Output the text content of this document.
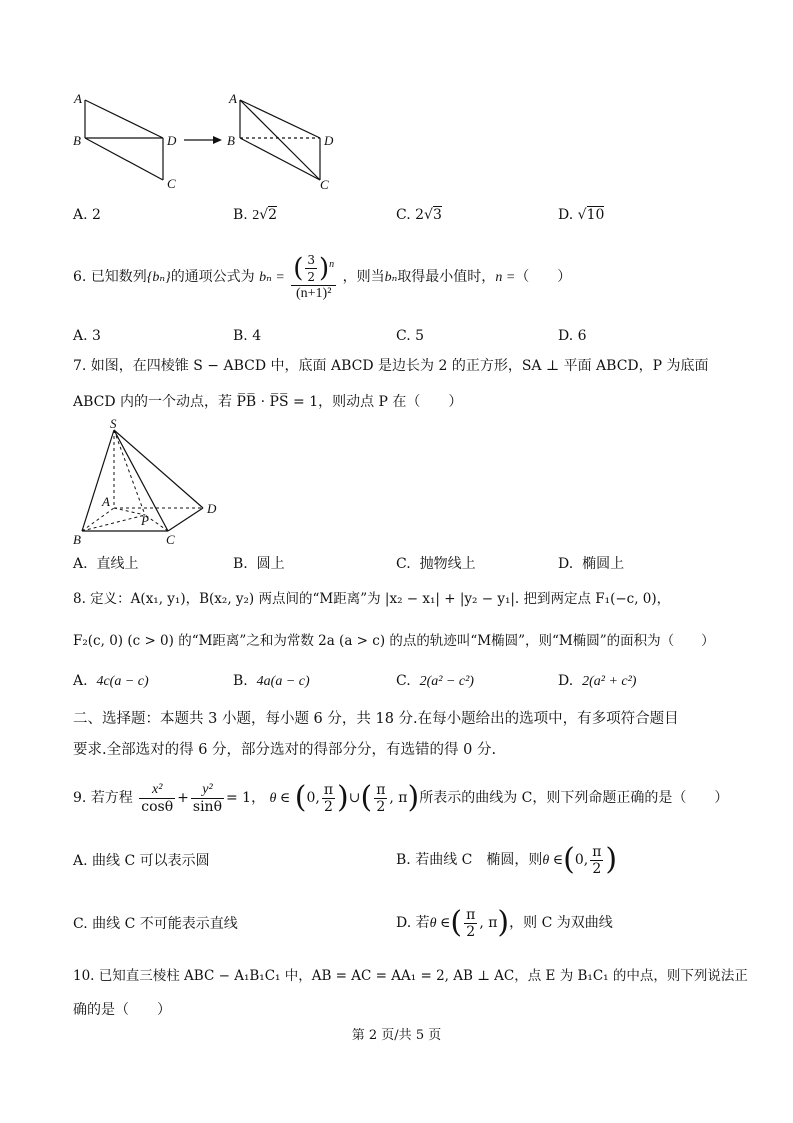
A
B	D
C
A
B	D
C
A. 2	B. 2√2	C. 2√3	D. √10
6. 已知数列{bₙ}的通项公式为 $b_n = \frac{( \frac{3}{2} )^n}{\text{(n+1)²}}$ ，则当bₙ取得最小值时，n =（　　）
A. 3	B. 4	C. 5	D. 6
7. 如图，在四棱锥 S − ABCD 中，底面 ABCD 是边长为 2 的正方形，SA ⊥ 平面 ABCD，P 为底面
ABCD 内的一个动点，若 P̅B̅ · P̅S̅ = 1，则动点 P 在（　　）
S
A
P
B	C
D
A. 直线上	B. 圆上	C. 抛物线上	D. 椭圆上
8. 定义：A(x₁, y₁)，B(x₂, y₂) 两点间的“M距离”为 |x₂ − x₁| + |y₂ − y₁|. 把到两定点 F₁(−c, 0)，
F₂(c, 0) (c > 0) 的“M距离”之和为常数 2a (a > c) 的点的轨迹叫“M椭圆”，则“M椭圆”的面积为（　　）
A. 4c(a − c)	B. 4a(a − c)	C. 2(a² − c²)	D. 2(a² + c²)
二、选择题：本题共 3 小题，每小题 6 分，共 18 分.在每小题给出的选项中，有多项符合题目
要求.全部选对的得 6 分，部分选对的得部分分，有选错的得 0 分.
9. 若方程 $\frac{\text{x²}}{\cos\theta} + \frac{\text{y²}}{\sin\theta} = 1$， θ ∈ (0, $\frac{\pi}{2}$ )∪( $\frac{\pi}{2}$ , π)所表示的曲线为 C，则下列命题正确的是（　　）
A. 曲线 C 可以表示圆	B. 若曲线 C　椭圆，则θ ∈(0, $\frac{\pi}{2}$ )
C. 曲线 C 不可能表示直线	D. 若θ ∈( $\frac{\pi}{2}$ , π)，则 C 为双曲线
10. 已知直三棱柱 ABC − A₁B₁C₁ 中，AB = AC = AA₁ = 2, AB ⊥ AC，点 E 为 B₁C₁ 的中点，则下列说法正
确的是（　　）
第 2 页/共 5 页
